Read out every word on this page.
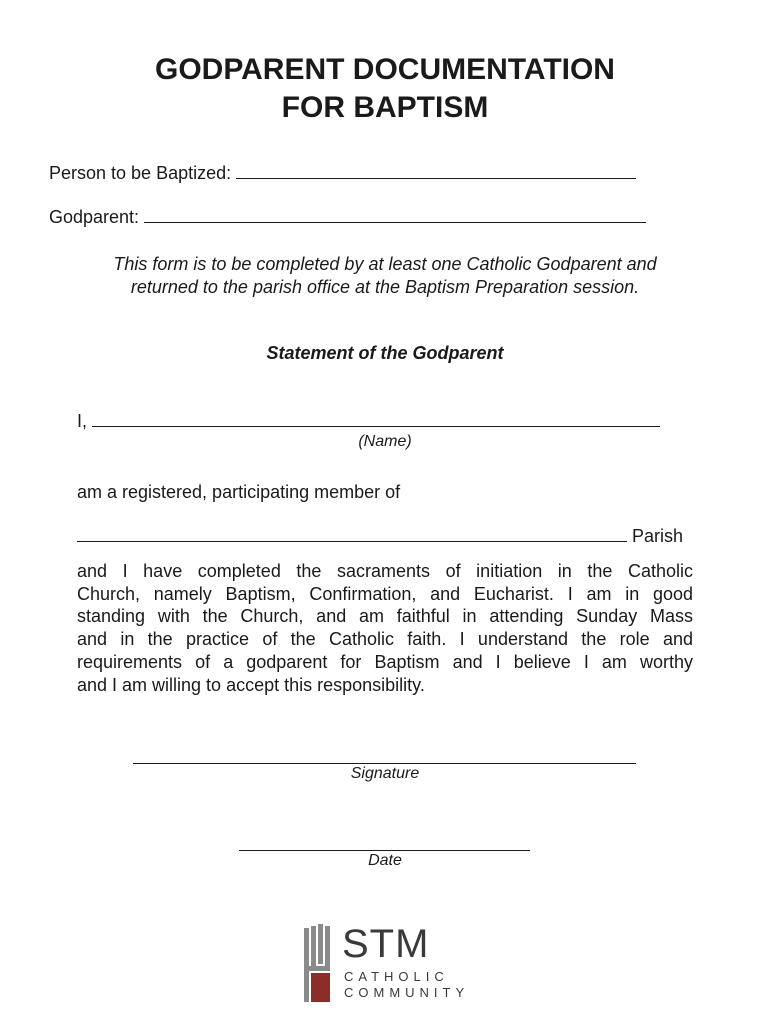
GODPARENT DOCUMENTATION
FOR BAPTISM
Person to be Baptized:
Godparent:
This form is to be completed by at least one Catholic Godparent and
returned to the parish office at the Baptism Preparation session.
Statement of the Godparent
I,
(Name)
am a registered, participating member of
Parish
and I have completed the sacraments of initiation in the Catholic
Church, namely Baptism, Confirmation, and Eucharist. I am in good
standing with the Church, and am faithful in attending Sunday Mass
and in the practice of the Catholic faith. I understand the role and
requirements of a godparent for Baptism and I believe I am worthy
and I am willing to accept this responsibility.
Signature
Date
STM
CATHOLIC
COMMUNITY
